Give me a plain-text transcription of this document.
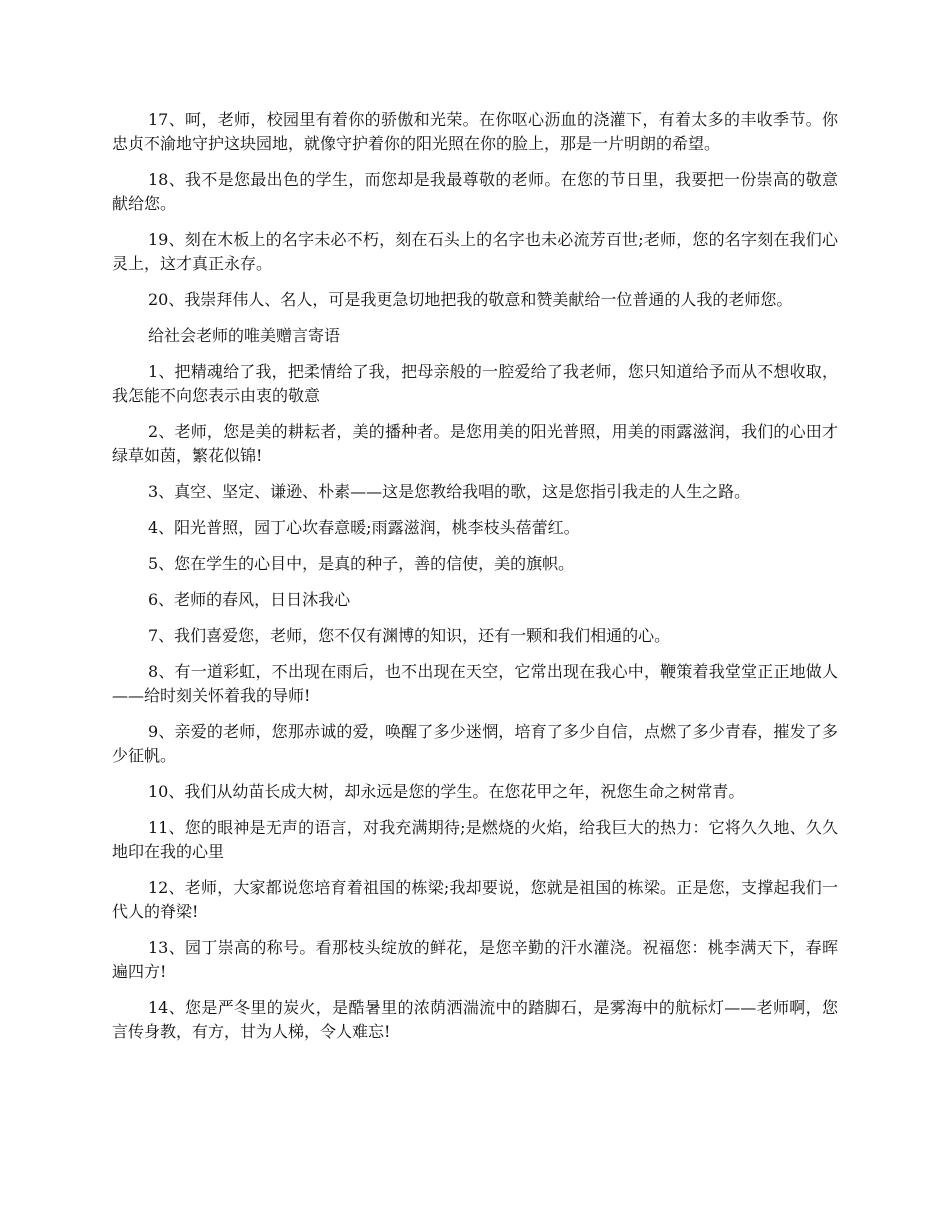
17、呵，老师，校园里有着你的骄傲和光荣。在你呕心沥血的浇灌下，有着太多的丰收季节。你忠贞不渝地守护这块园地，就像守护着你的阳光照在你的脸上，那是一片明朗的希望。

18、我不是您最出色的学生，而您却是我最尊敬的老师。在您的节日里，我要把一份崇高的敬意献给您。

19、刻在木板上的名字未必不朽，刻在石头上的名字也未必流芳百世;老师，您的名字刻在我们心灵上，这才真正永存。

20、我崇拜伟人、名人，可是我更急切地把我的敬意和赞美献给一位普通的人我的老师您。

给社会老师的唯美赠言寄语

1、把精魂给了我，把柔情给了我，把母亲般的一腔爱给了我老师，您只知道给予而从不想收取，我怎能不向您表示由衷的敬意

2、老师，您是美的耕耘者，美的播种者。是您用美的阳光普照，用美的雨露滋润，我们的心田才绿草如茵，繁花似锦!

3、真空、坚定、谦逊、朴素——这是您教给我唱的歌，这是您指引我走的人生之路。

4、阳光普照，园丁心坎春意暖;雨露滋润，桃李枝头蓓蕾红。

5、您在学生的心目中，是真的种子，善的信使，美的旗帜。

6、老师的春风，日日沐我心

7、我们喜爱您，老师，您不仅有渊博的知识，还有一颗和我们相通的心。

8、有一道彩虹，不出现在雨后，也不出现在天空，它常出现在我心中，鞭策着我堂堂正正地做人——给时刻关怀着我的导师!

9、亲爱的老师，您那赤诚的爱，唤醒了多少迷惘，培育了多少自信，点燃了多少青春，摧发了多少征帆。

10、我们从幼苗长成大树，却永远是您的学生。在您花甲之年，祝您生命之树常青。

11、您的眼神是无声的语言，对我充满期待;是燃烧的火焰，给我巨大的热力：它将久久地、久久地印在我的心里

12、老师，大家都说您培育着祖国的栋梁;我却要说，您就是祖国的栋梁。正是您，支撑起我们一代人的脊梁!

13、园丁崇高的称号。看那枝头绽放的鲜花，是您辛勤的汗水灌浇。祝福您：桃李满天下，春晖遍四方!

14、您是严冬里的炭火，是酷暑里的浓荫洒湍流中的踏脚石，是雾海中的航标灯——老师啊，您言传身教，有方，甘为人梯，令人难忘!
